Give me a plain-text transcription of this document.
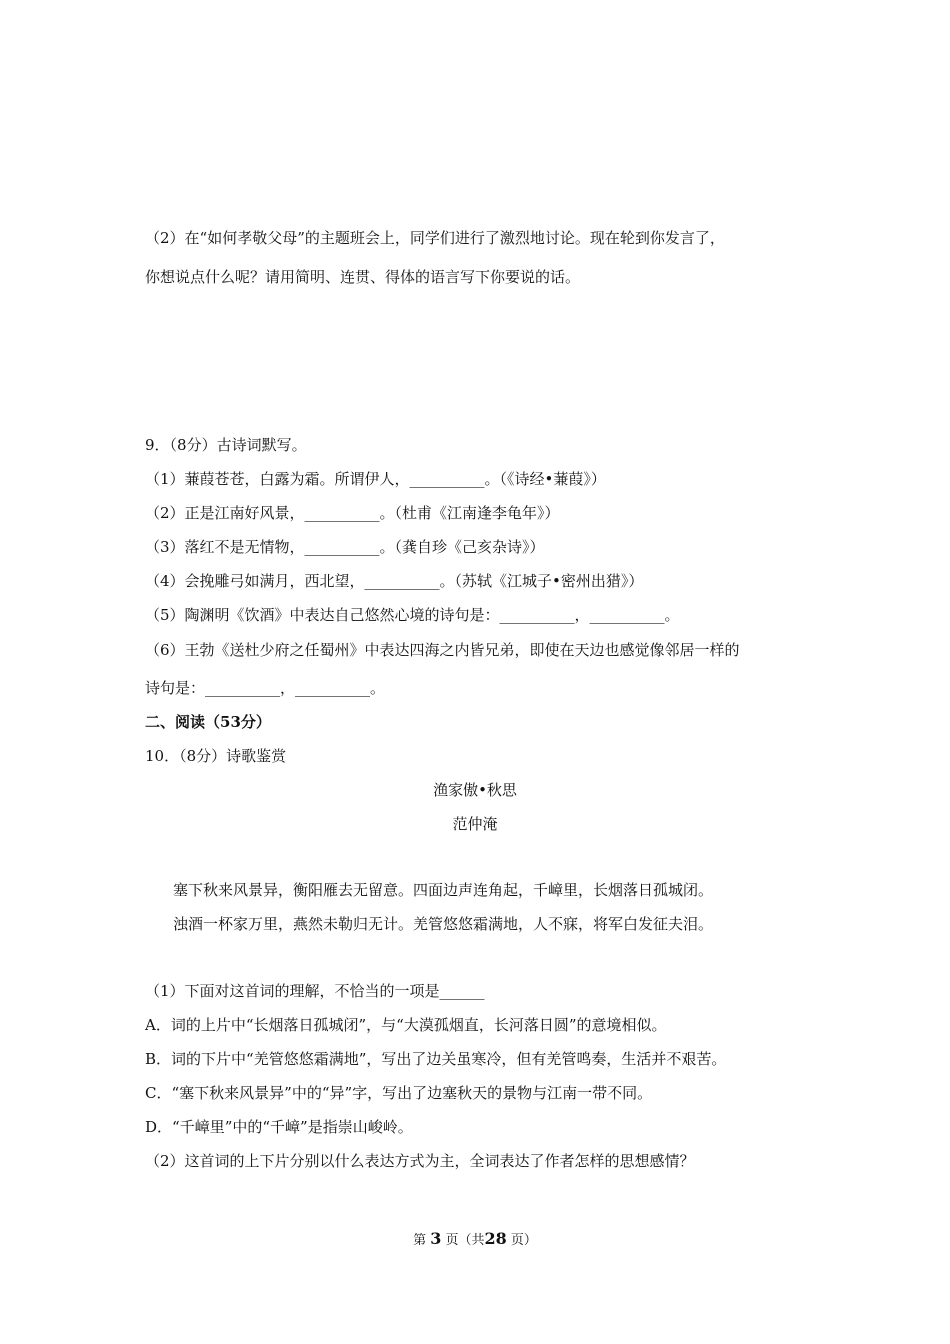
（2）在“如何孝敬父母”的主题班会上，同学们进行了激烈地讨论。现在轮到你发言了，
你想说点什么呢？请用简明、连贯、得体的语言写下你要说的话。
9．（8分）古诗词默写。
（1）蒹葭苍苍，白露为霜。所谓伊人，__________。（《诗经•蒹葭》）
（2）正是江南好风景，__________。（杜甫《江南逢李龟年》）
（3）落红不是无情物，__________。（龚自珍《己亥杂诗》）
（4）会挽雕弓如满月，西北望，__________。（苏轼《江城子•密州出猎》）
（5）陶渊明《饮酒》中表达自己悠然心境的诗句是：__________，__________。
（6）王勃《送杜少府之任蜀州》中表达四海之内皆兄弟，即使在天边也感觉像邻居一样的
诗句是：__________，__________。
二、阅读（53分）
10．（8分）诗歌鉴赏
渔家傲•秋思
范仲淹
塞下秋来风景异，衡阳雁去无留意。四面边声连角起，千嶂里，长烟落日孤城闭。
浊酒一杯家万里，燕然未勒归无计。羌管悠悠霜满地，人不寐，将军白发征夫泪。
（1）下面对这首词的理解，不恰当的一项是______
A．词的上片中“长烟落日孤城闭”，与“大漠孤烟直，长河落日圆”的意境相似。
B．词的下片中“羌管悠悠霜满地”，写出了边关虽寒冷，但有羌管鸣奏，生活并不艰苦。
C．“塞下秋来风景异”中的“异”字，写出了边塞秋天的景物与江南一带不同。
D．“千嶂里”中的“千嶂”是指崇山峻岭。
（2）这首词的上下片分别以什么表达方式为主，全词表达了作者怎样的思想感情？
第 3 页（共28 页）
